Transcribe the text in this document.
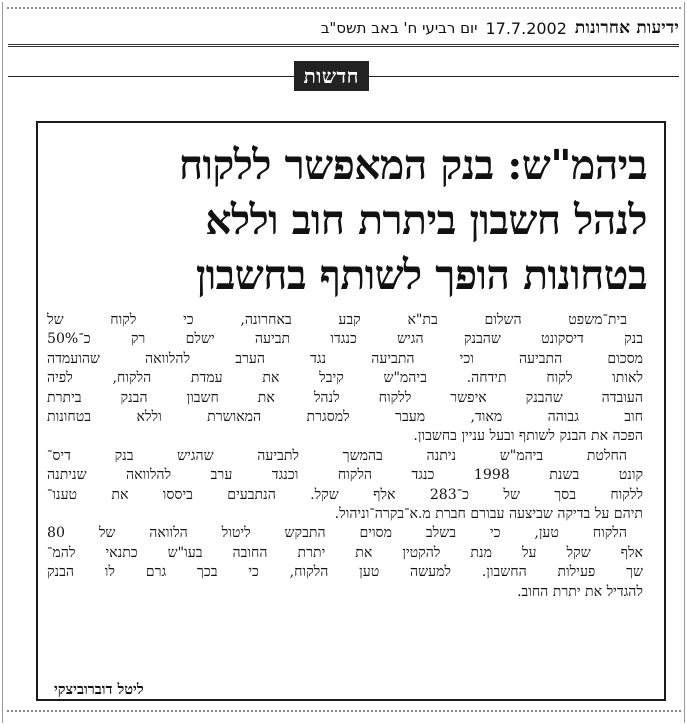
ידיעות אחרונות
17.7.2002
יום רביעי ח' באב תשס"ב
חדשות
ביהמ"ש: בנק המאפשר ללקוח
לנהל חשבון ביתרת חוב וללא
בטחונות הופך לשותף בחשבון
בית־משפט השלום בת"א קבע באחרונה, כי לקוח של
בנק דיסקונט שהבנק הגיש כנגדו תביעה ישלם רק כ־50%
מסכום התביעה וכי התביעה נגד הערב להלוואה שהועמדה
לאותו לקוח תידחה. ביהמ"ש קיבל את עמדת הלקוח, לפיה
העובדה שהבנק איפשר ללקוח לנהל את חשבון הבנק ביתרת
חוב גבוהה מאוד, מעבר למסגרת המאושרת וללא בטחונות
הפכה את הבנק לשותף ובעל עניין בחשבון.
החלטת ביהמ"ש ניתנה בהמשך לתביעה שהגיש בנק דיס־
קונט בשנת 1998 כנגד הלקוח וכנגד ערב להלוואה שניתנה
ללקוח בסך של כ־283 אלף שקל. הנתבעים ביססו את טענו־
תיהם על בדיקה שביצעה עבורם חברת מ.א־בקרה־וניהול.
הלקוח טען, כי בשלב מסוים התבקש ליטול הלוואה של 80
אלף שקל על מנת להקטין את יתרת החובה בעו"ש כתנאי להמ־
שך פעילות החשבון. למעשה טען הלקוח, כי בכך גרם לו הבנק
להגדיל את יתרת החוב.
ליטל דוברוביצקי
